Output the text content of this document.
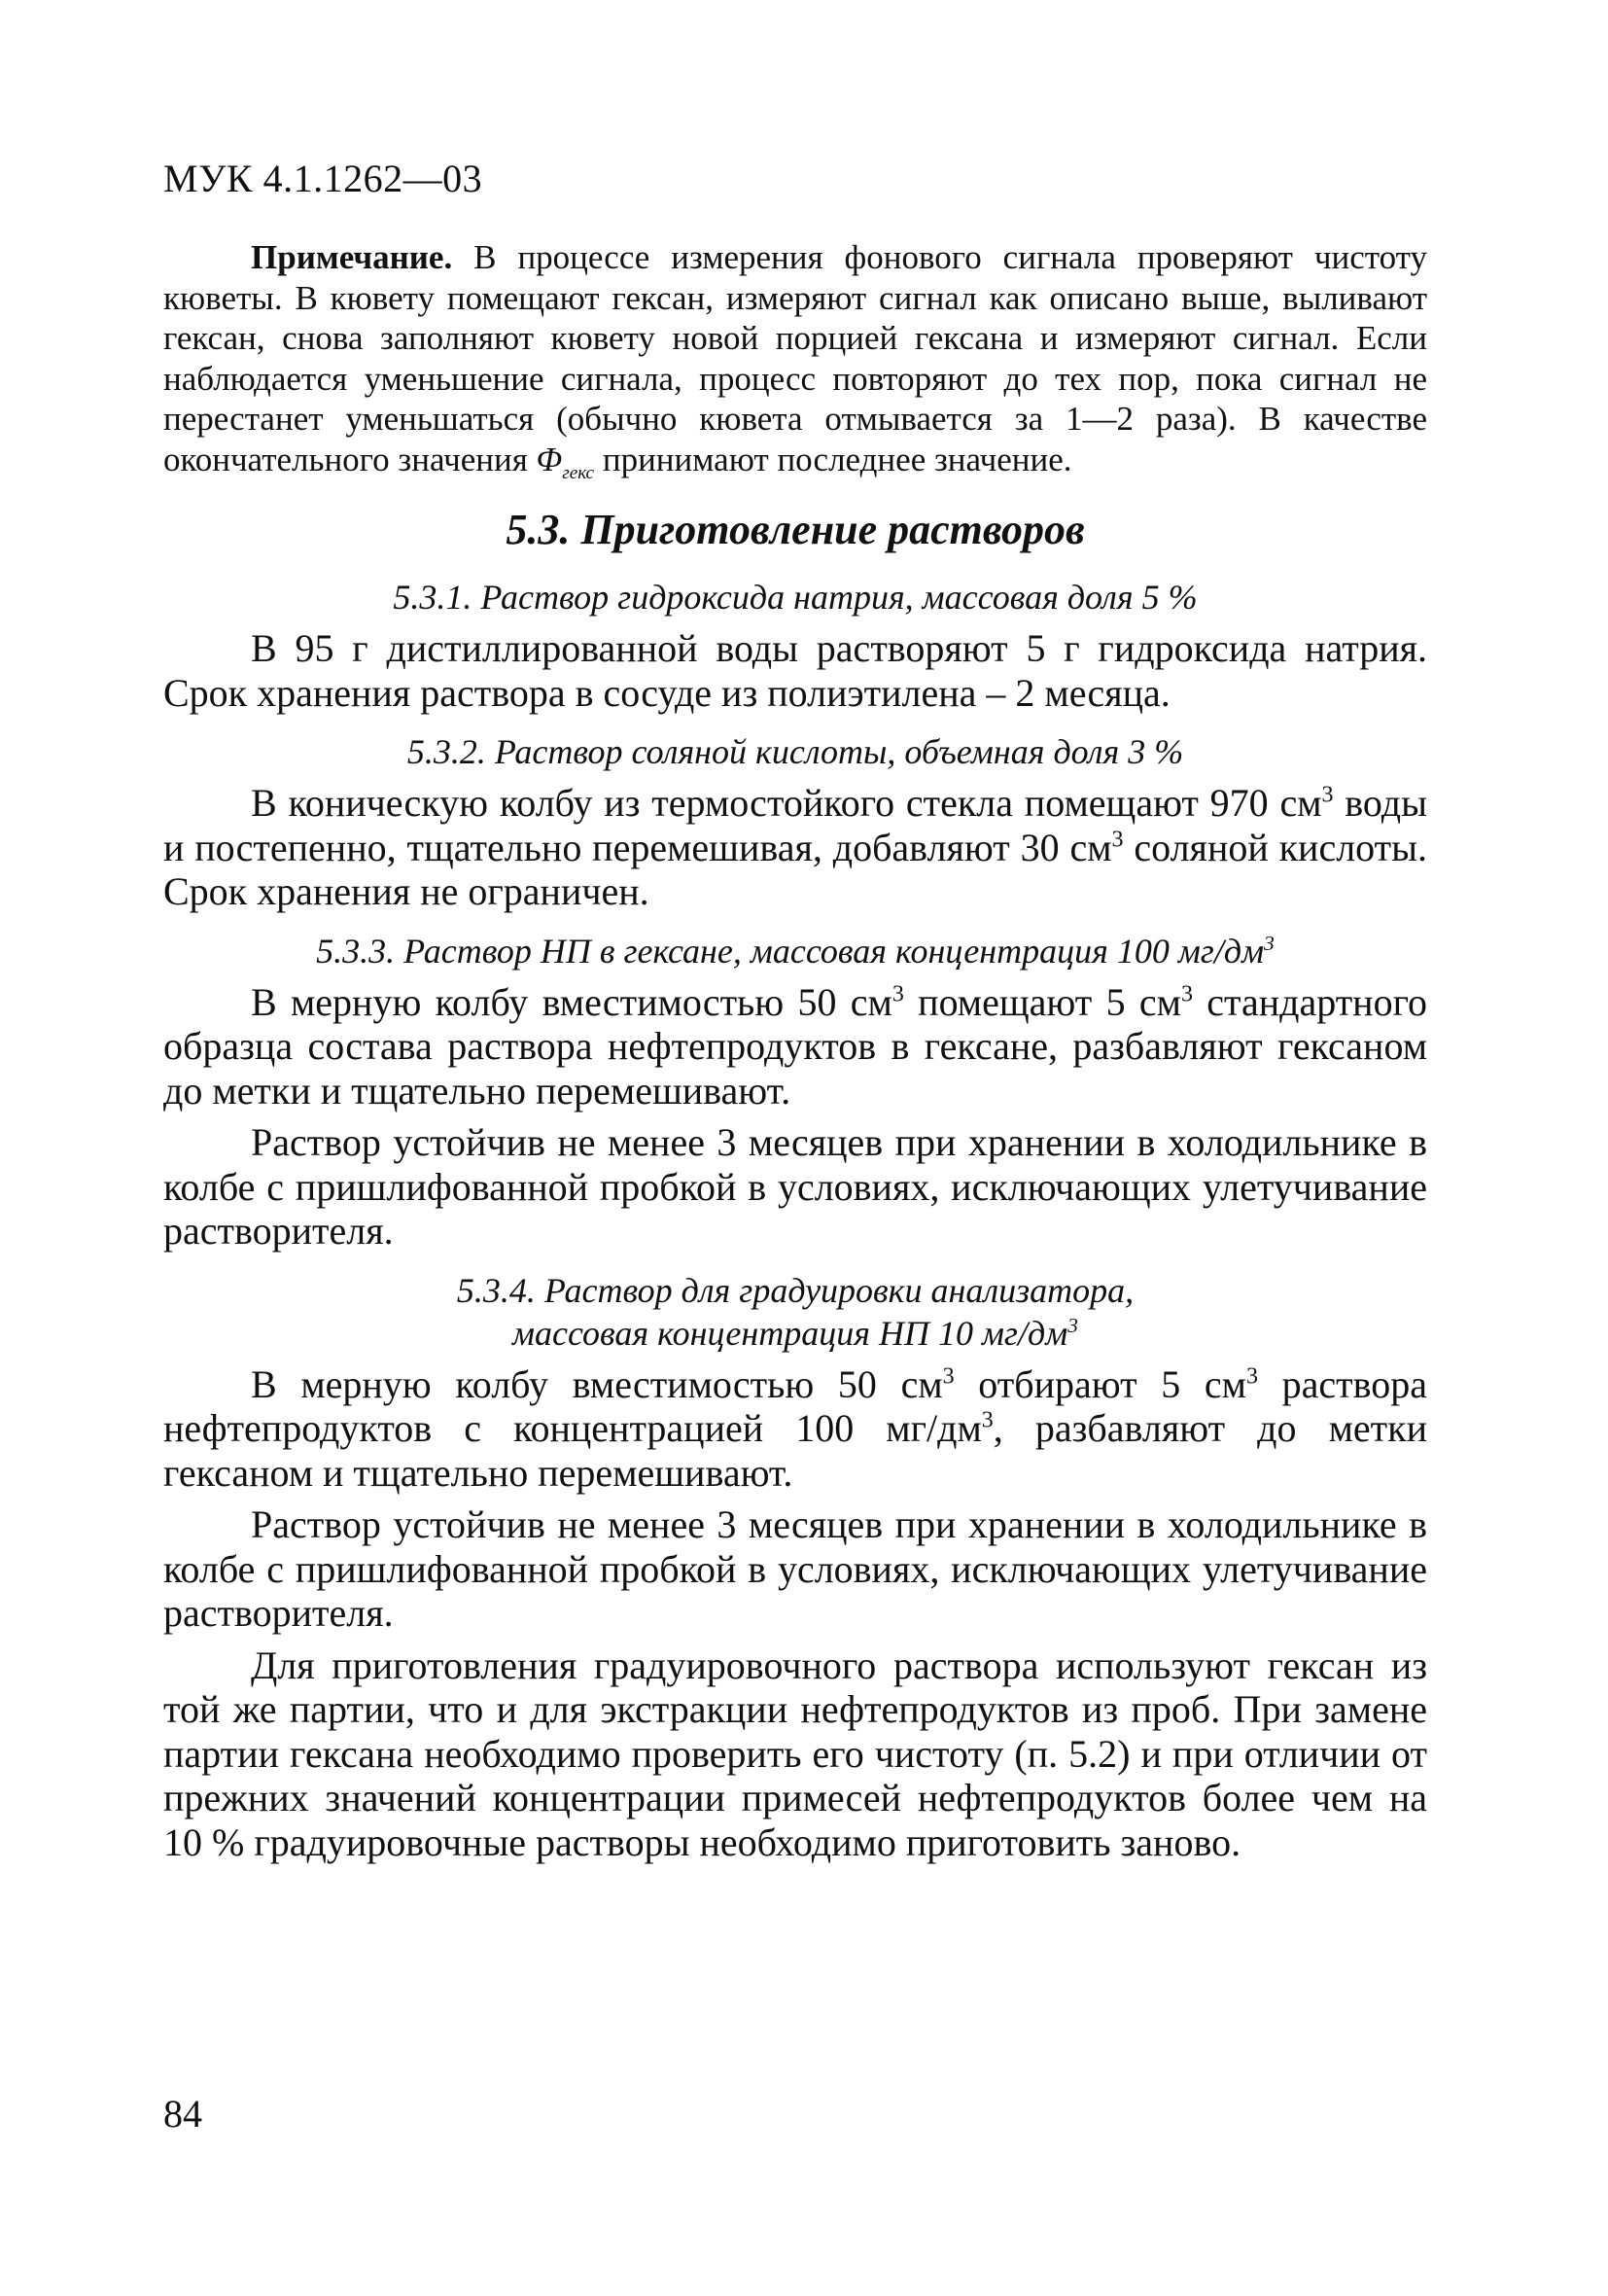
МУК 4.1.1262—03

Примечание. В процессе измерения фонового сигнала проверяют чистоту кюветы. В кювету помещают гексан, измеряют сигнал как описано выше, выливают гексан, снова заполняют кювету новой порцией гексана и измеряют сигнал. Если наблюдается уменьшение сигнала, процесс повторяют до тех пор, пока сигнал не перестанет уменьшаться (обычно кювета отмывается за 1—2 раза). В качестве окончательного значения $\Phi_{гекс}$ принимают последнее значение.

5.3. Приготовление растворов
5.3.1. Раствор гидроксида натрия, массовая доля 5 %

В 95 г дистиллированной воды растворяют 5 г гидроксида натрия. Срок хранения раствора в сосуде из полиэтилена – 2 месяца.

5.3.2. Раствор соляной кислоты, объемная доля 3 %

В коническую колбу из термостойкого стекла помещают 970 $см^3$ воды и постепенно, тщательно перемешивая, добавляют 30 $см^3$ соляной кислоты. Срок хранения не ограничен.

5.3.3. Раствор НП в гексане, массовая концентрация 100 $мг/дм^3$

В мерную колбу вместимостью 50 $см^3$ помещают 5 $см^3$ стандартного образца состава раствора нефтепродуктов в гексане, разбавляют гексаном до метки и тщательно перемешивают.

Раствор устойчив не менее 3 месяцев при хранении в холодильнике в колбе с пришлифованной пробкой в условиях, исключающих улетучивание растворителя.

5.3.4. Раствор для градуировки анализатора,
массовая концентрация НП 10 $мг/дм^3$

В мерную колбу вместимостью 50 $см^3$ отбирают 5 $см^3$ раствора нефтепродуктов с концентрацией 100 $мг/дм^3$, разбавляют до метки гексаном и тщательно перемешивают.

Раствор устойчив не менее 3 месяцев при хранении в холодильнике в колбе с пришлифованной пробкой в условиях, исключающих улетучивание растворителя.

Для приготовления градуировочного раствора используют гексан из той же партии, что и для экстракции нефтепродуктов из проб. При замене партии гексана необходимо проверить его чистоту (п. 5.2) и при отличии от прежних значений концентрации примесей нефтепродуктов более чем на 10 % градуировочные растворы необходимо приготовить заново.

84
